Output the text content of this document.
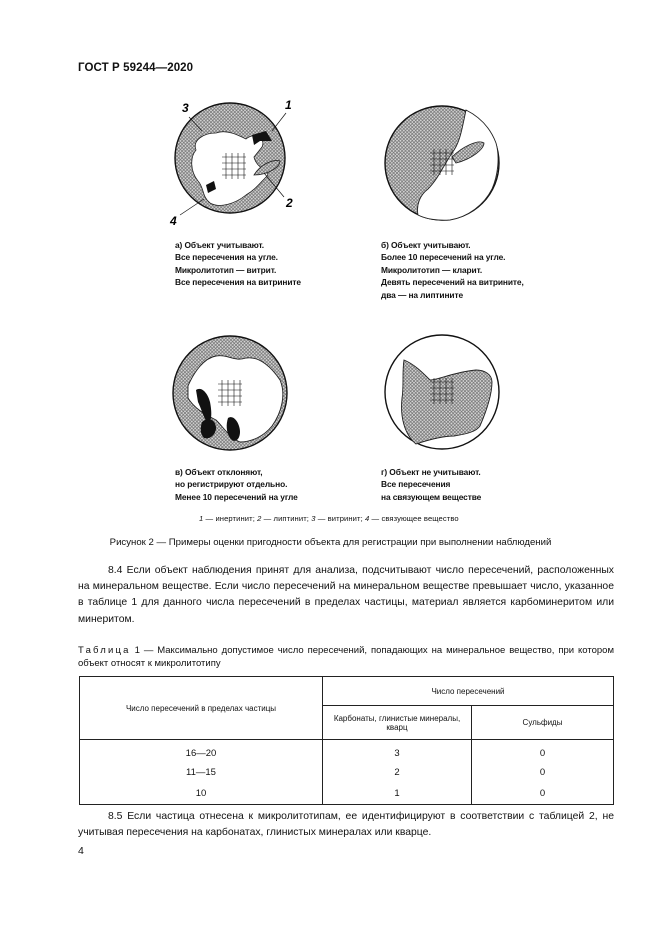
ГОСТ Р 59244—2020
3	1
2
4
а) Объект учитывают.
Все пересечения на угле.
Микролитотип — витрит.
Все пересечения на витрините
б) Объект учитывают.
Более 10 пересечений на угле.
Микролитотип — кларит.
Девять пересечений на витрините,
два — на липтините
в) Объект отклоняют,
но регистрируют отдельно.
Менее 10 пересечений на угле
г) Объект не учитывают.
Все пересечения
на связующем веществе
1 — инертинит; 2 — липтинит; 3 — витринит; 4 — связующее вещество
Рисунок 2 — Примеры оценки пригодности объекта для регистрации при выполнении наблюдений
8.4 Если объект наблюдения принят для анализа, подсчитывают число пересечений, расположенных на минеральном веществе. Если число пересечений на минеральном веществе превышает число, указанное в таблице 1 для данного числа пересечений в пределах частицы, материал является карбоминеритом или минеритом.
Таблица 1 — Максимально допустимое число пересечений, попадающих на минеральное вещество, при котором объект относят к микролитотипу
Число пересечений в пределах частицы	Число пересечений	
	Карбонаты, глинистые минералы, кварц	Сульфиды
16—20	3	0
11—15	2	0
10	1	0
8.5 Если частица отнесена к микролитотипам, ее идентифицируют в соответствии с таблицей 2, не учитывая пересечения на карбонатах, глинистых минералах или кварце.
4
